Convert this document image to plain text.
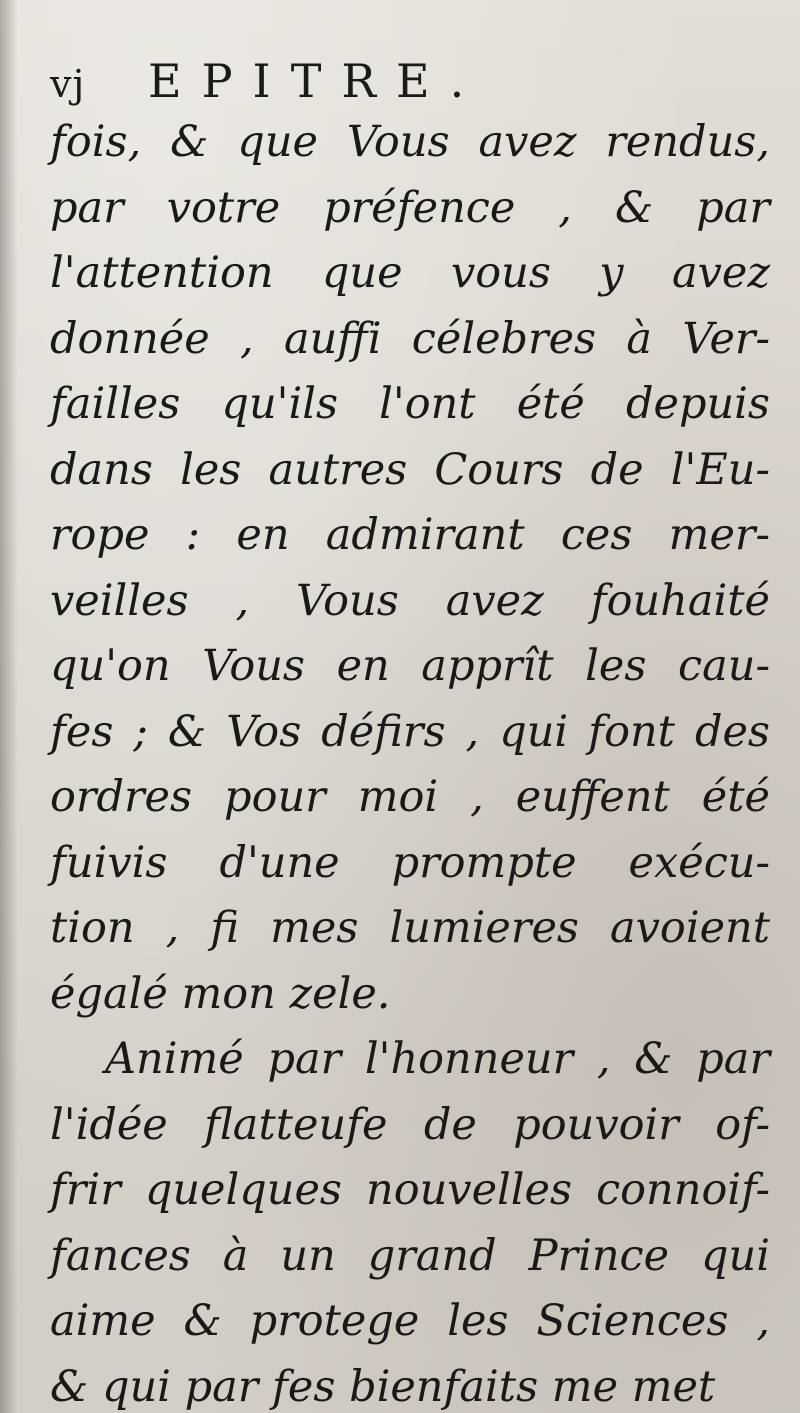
vj EPITRE.
fois, & que Vous avez rendus,
par votre préfence , & par
l'attention que vous y avez
donnée , auffi célebres à Ver-
failles qu'ils l'ont été depuis
dans les autres Cours de l'Eu-
rope : en admirant ces mer-
veilles , Vous avez fouhaité
qu'on Vous en apprît les cau-
fes ; & Vos défirs , qui font des
ordres pour moi , euffent été
fuivis d'une prompte exécu-
tion , fi mes lumieres avoient
égalé mon zele.
Animé par l'honneur , & par
l'idée flatteufe de pouvoir of-
frir quelques nouvelles connoif-
fances à un grand Prince qui
aime & protege les Sciences ,
& qui par fes bienfaits me met
